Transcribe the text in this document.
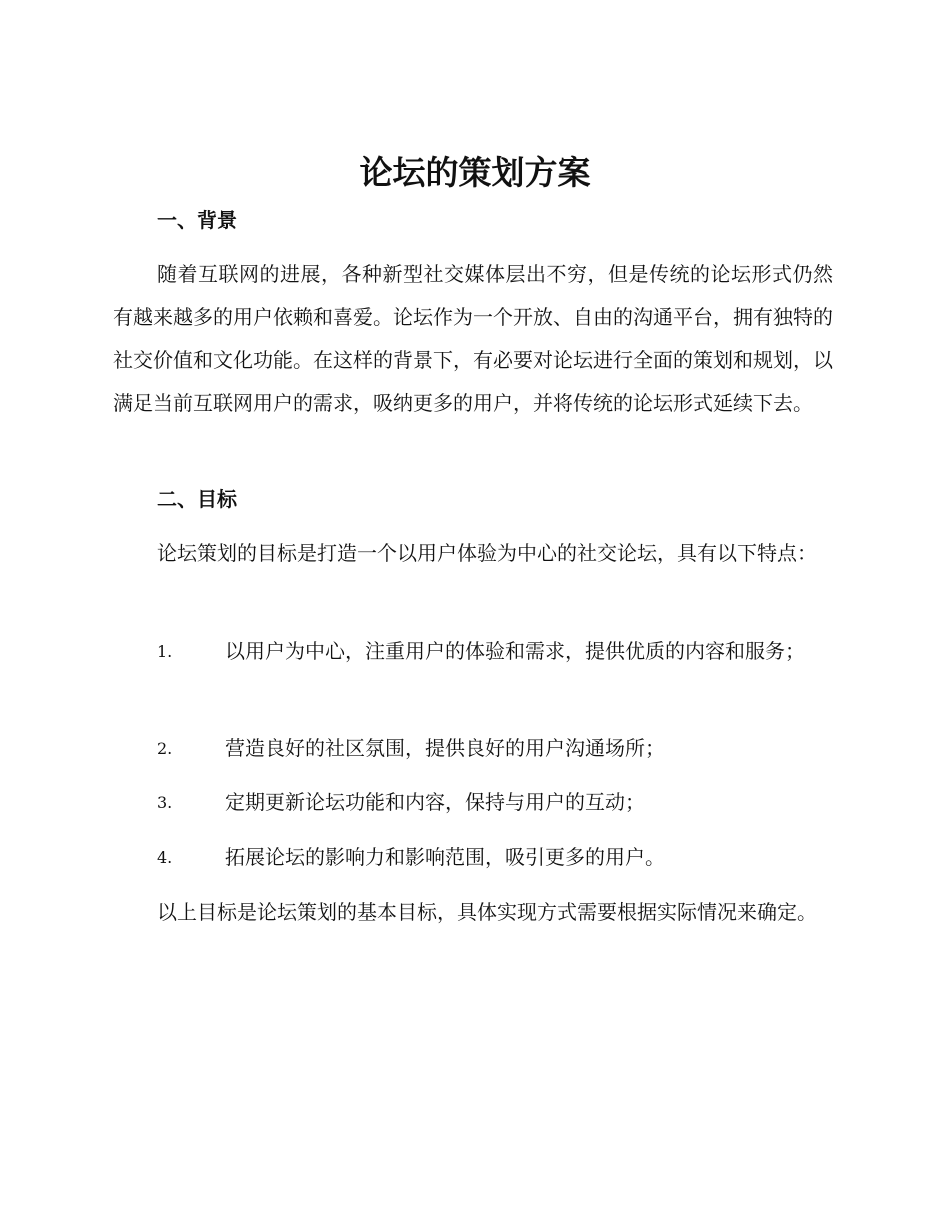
论坛的策划方案
一、背景
随着互联网的进展，各种新型社交媒体层出不穷，但是传统的论坛形式仍然有越来越多的用户依赖和喜爱。论坛作为一个开放、自由的沟通平台，拥有独特的社交价值和文化功能。在这样的背景下，有必要对论坛进行全面的策划和规划，以满足当前互联网用户的需求，吸纳更多的用户，并将传统的论坛形式延续下去。
二、目标
论坛策划的目标是打造一个以用户体验为中心的社交论坛，具有以下特点：
1.	以用户为中心，注重用户的体验和需求，提供优质的内容和服务；
2.	营造良好的社区氛围，提供良好的用户沟通场所；
3.	定期更新论坛功能和内容，保持与用户的互动；
4.	拓展论坛的影响力和影响范围，吸引更多的用户。
以上目标是论坛策划的基本目标，具体实现方式需要根据实际情况来确定。
